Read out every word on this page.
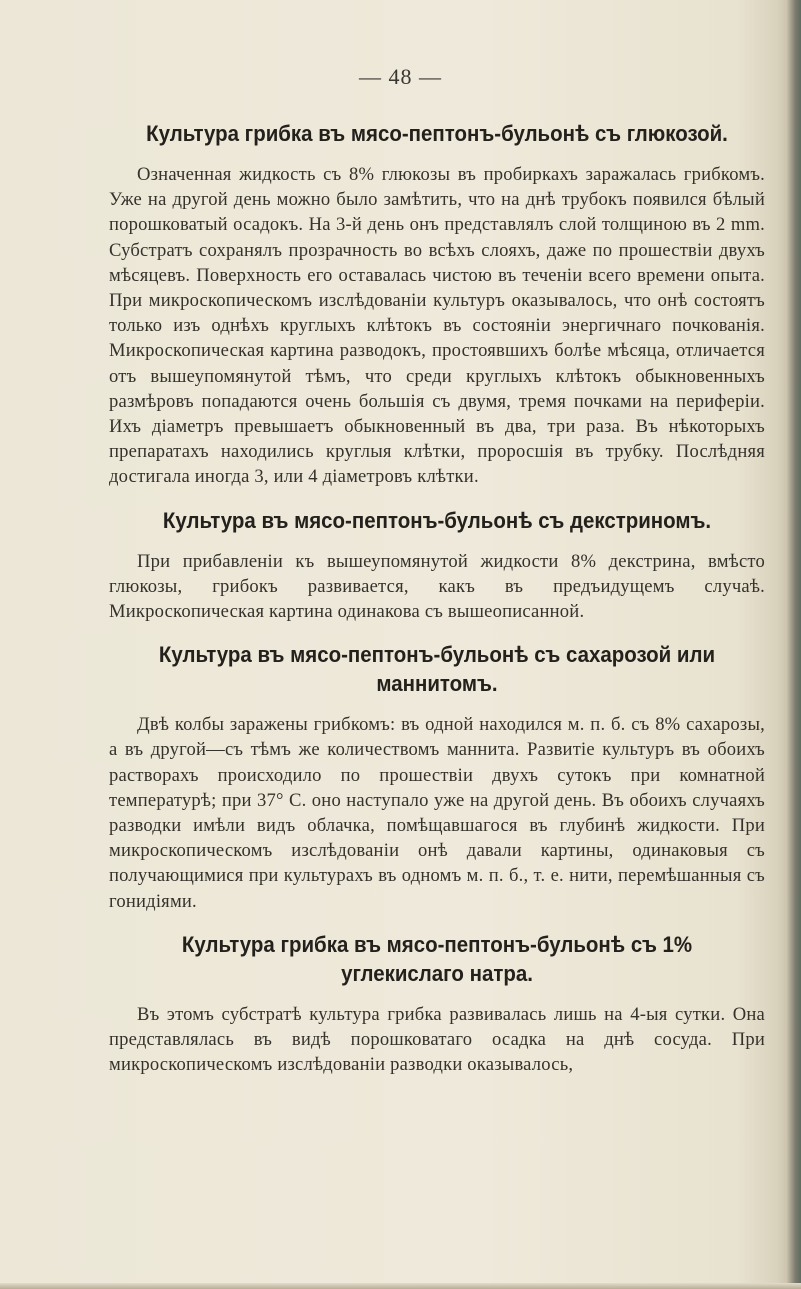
— 48 —
Культура грибка въ мясо-пептонъ-бульонѣ съ глюкозой.

Означенная жидкость съ 8% глюкозы въ пробиркахъ заражалась грибкомъ. Уже на другой день можно было замѣтить, что на днѣ трубокъ появился бѣлый порошковатый осадокъ. На 3-й день онъ представлялъ слой толщиною въ 2 mm. Субстратъ сохранялъ прозрачность во всѣхъ слояхъ, даже по прошествіи двухъ мѣсяцевъ. Поверхность его оставалась чистою въ теченіи всего времени опыта. При микроскопическомъ изслѣдованіи культуръ оказывалось, что онѣ состоятъ только изъ однѣхъ круглыхъ клѣтокъ въ состояніи энергичнаго почкованія. Микроскопическая картина разводокъ, простоявшихъ болѣе мѣсяца, отличается отъ вышеупомянутой тѣмъ, что среди круглыхъ клѣтокъ обыкновенныхъ размѣровъ попадаются очень большія съ двумя, тремя почками на периферіи. Ихъ діаметръ превышаетъ обыкновенный въ два, три раза. Въ нѣкоторыхъ препаратахъ находились круглыя клѣтки, проросшія въ трубку. Послѣдняя достигала иногда 3, или 4 діаметровъ клѣтки.

Культура въ мясо-пептонъ-бульонѣ съ декстриномъ.

При прибавленіи къ вышеупомянутой жидкости 8% декстрина, вмѣсто глюкозы, грибокъ развивается, какъ въ предъидущемъ случаѣ. Микроскопическая картина одинакова съ вышеописанной.

Культура въ мясо-пептонъ-бульонѣ съ сахарозой или маннитомъ.

Двѣ колбы заражены грибкомъ: въ одной находился м. п. б. съ 8% сахарозы, а въ другой—съ тѣмъ же количествомъ маннита. Развитіе культуръ въ обоихъ растворахъ происходило по прошествіи двухъ сутокъ при комнатной температурѣ; при 37° С. оно наступало уже на другой день. Въ обоихъ случаяхъ разводки имѣли видъ облачка, помѣщавшагося въ глубинѣ жидкости. При микроскопическомъ изслѣдованіи онѣ давали картины, одинаковыя съ получающимися при культурахъ въ одномъ м. п. б., т. е. нити, перемѣшанныя съ гонидіями.

Культура грибка въ мясо-пептонъ-бульонѣ съ 1% углекислаго натра.

Въ этомъ субстратѣ культура грибка развивалась лишь на 4-ыя сутки. Она представлялась въ видѣ порошковатаго осадка на днѣ сосуда. При микроскопическомъ изслѣдованіи разводки оказывалось,
